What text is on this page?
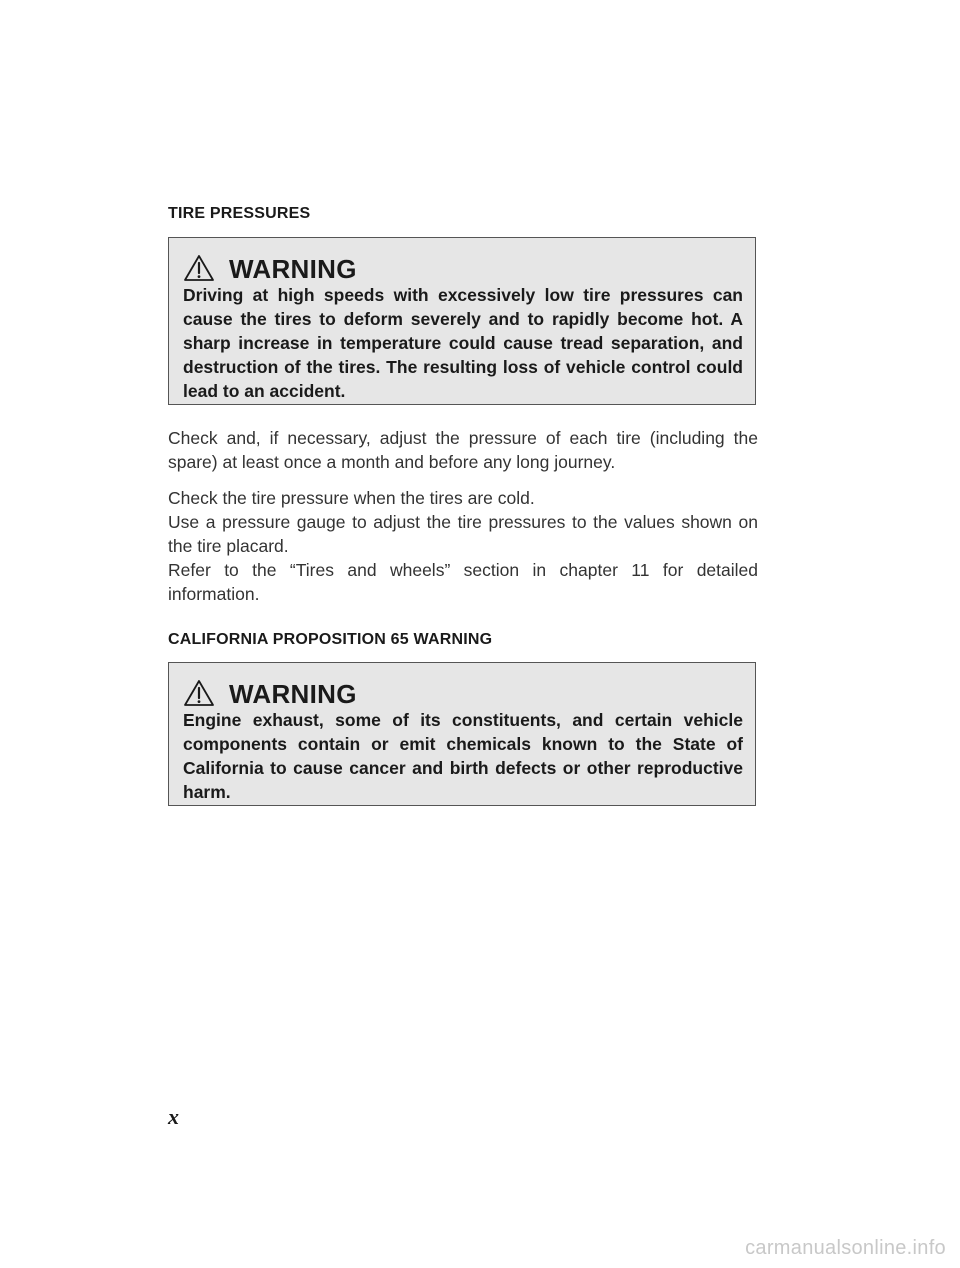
TIRE PRESSURES
WARNING
Driving at high speeds with excessively low tire pressures can cause the tires to deform severely and to rapidly become hot. A sharp increase in temperature could cause tread separation, and destruction of the tires. The resulting loss of vehicle control could lead to an accident.

Check and, if necessary, adjust the pressure of each tire (including the spare) at least once a month and before any long journey.

Check the tire pressure when the tires are cold.
Use a pressure gauge to adjust the tire pressures to the values shown on the tire placard.
Refer to the “Tires and wheels” section in chapter 11 for detailed information.
CALIFORNIA PROPOSITION 65 WARNING
WARNING
Engine exhaust, some of its constituents, and certain vehicle components contain or emit chemicals known to the State of California to cause cancer and birth defects or other reproductive harm.
x
carmanualsonline.info
